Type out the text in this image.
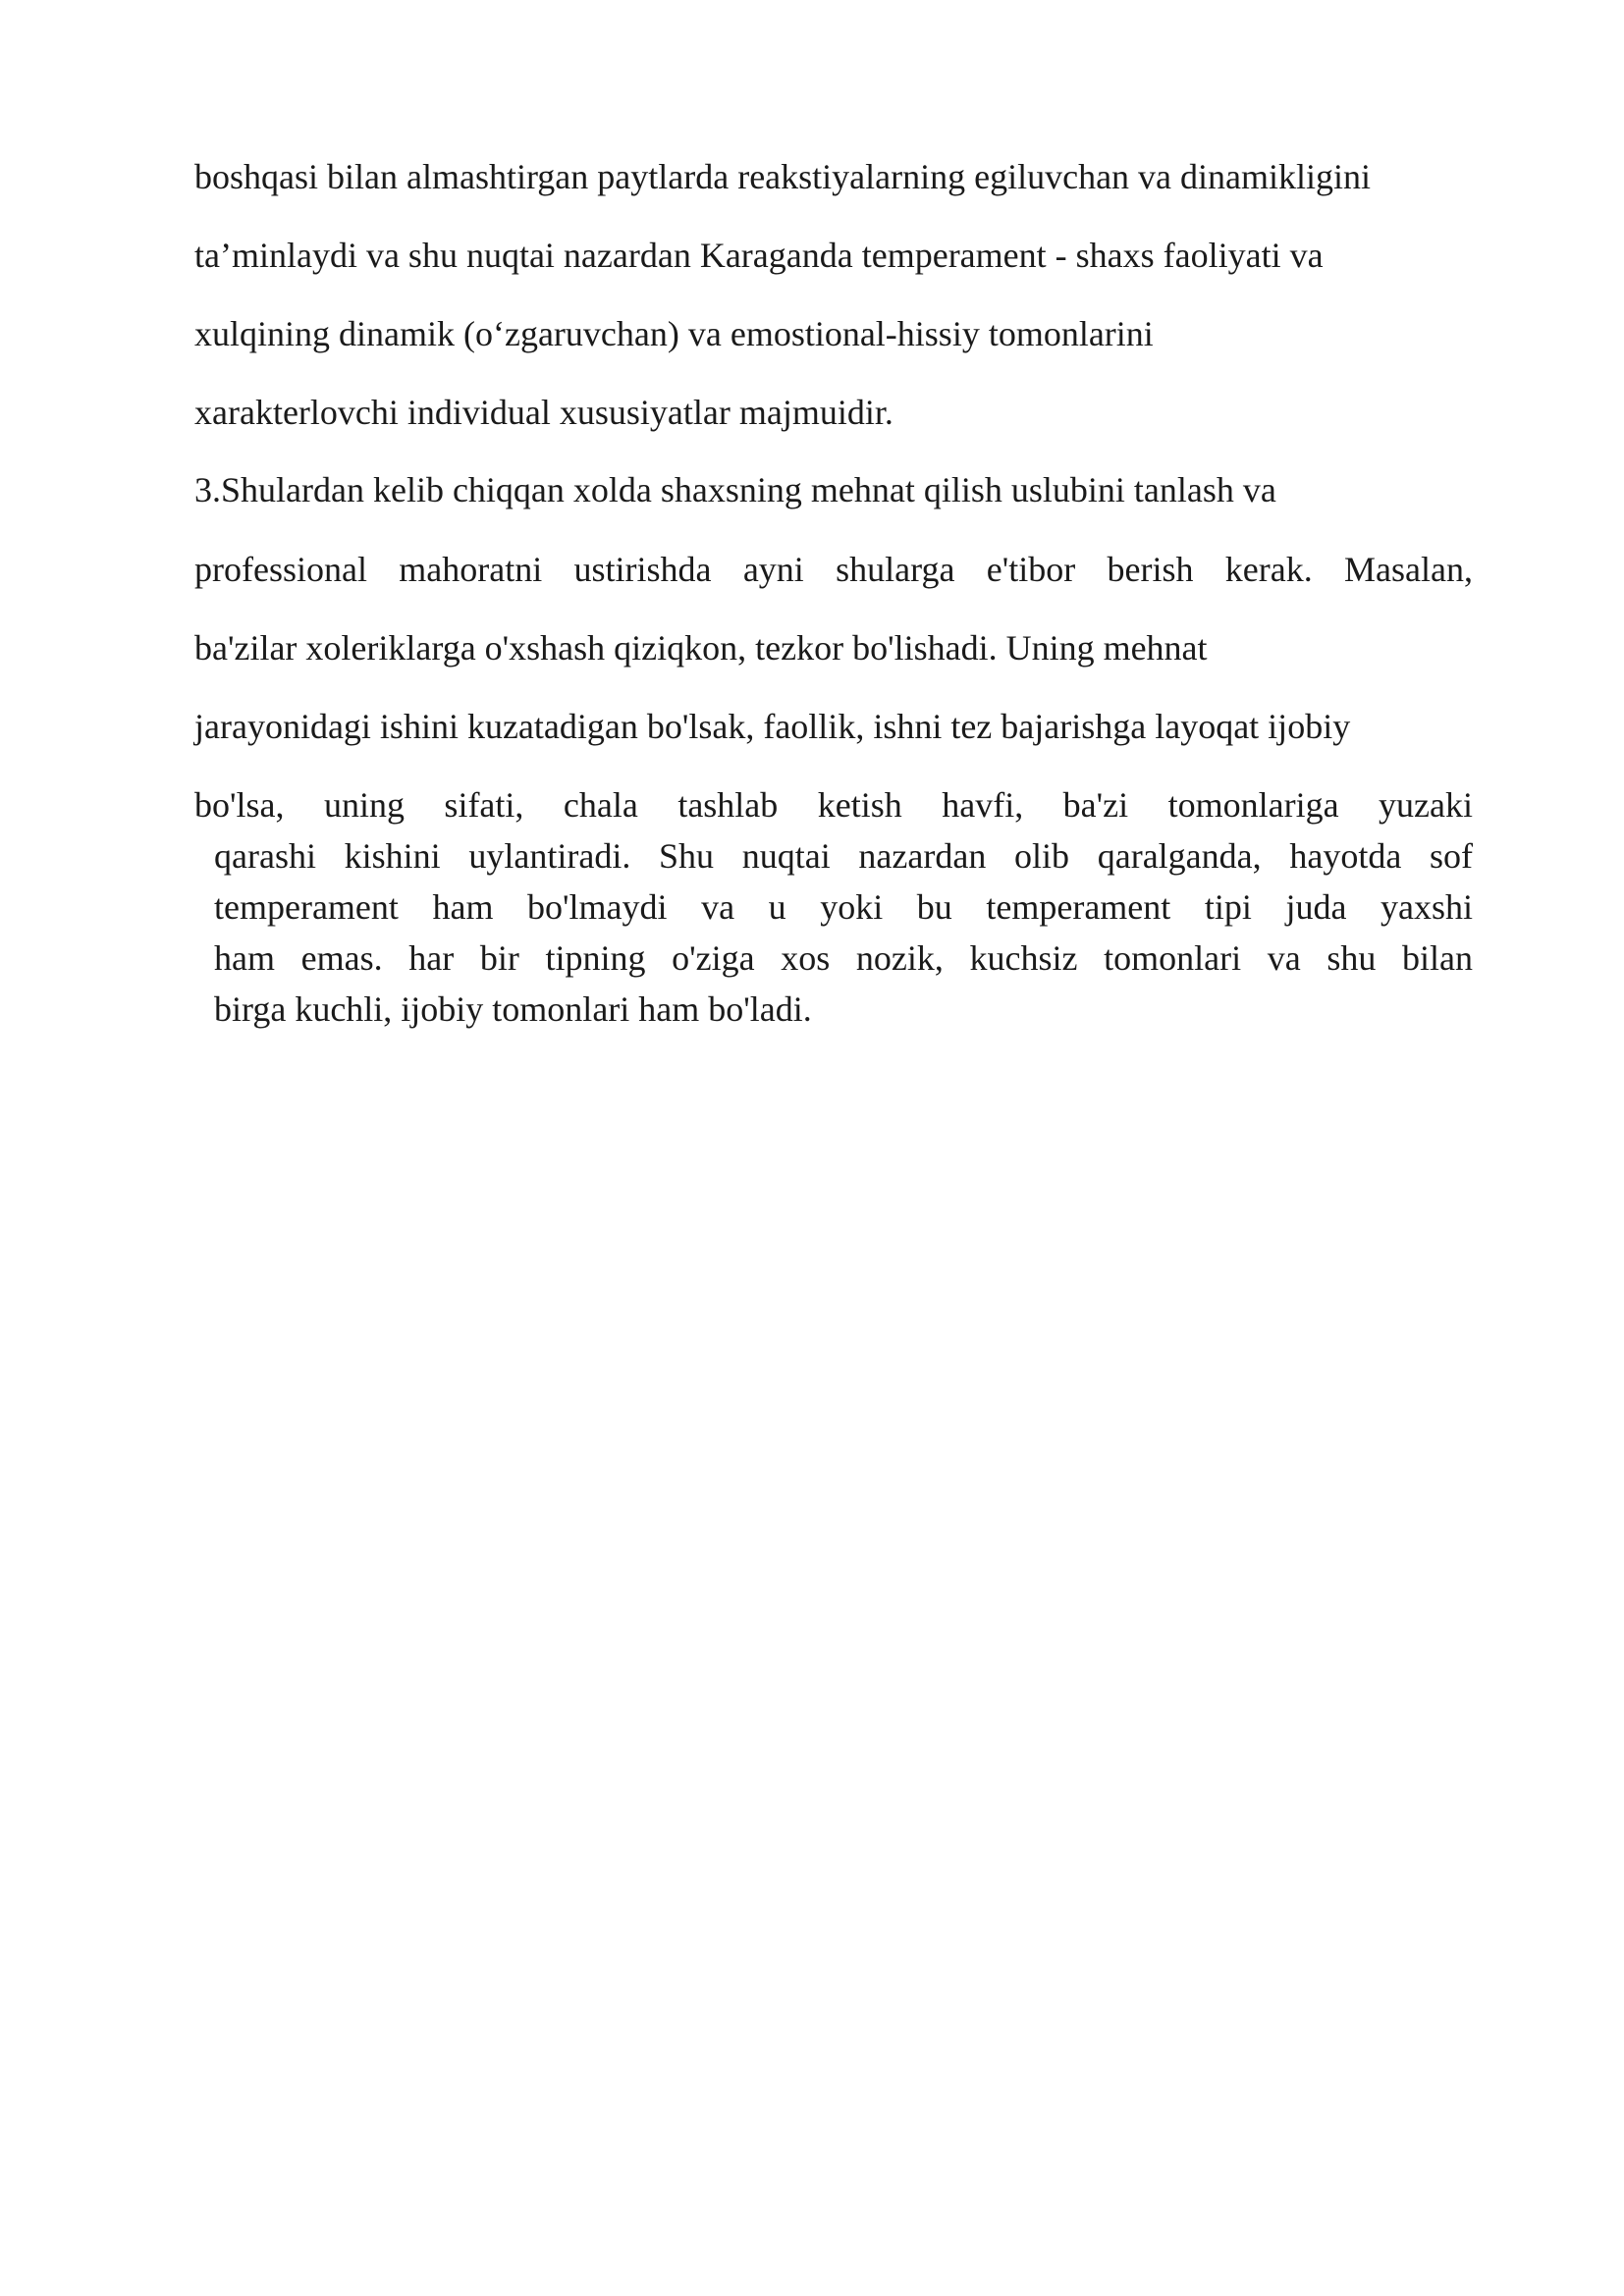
boshqasi bilan almashtirgan paytlarda reakstiyalarning egiluvchan va dinamikligini
ta’minlaydi va shu nuqtai nazardan Karaganda temperament - shaxs faoliyati va
xulqining dinamik (o‘zgaruvchan) va emostional-hissiy tomonlarini
xarakterlovchi individual xususiyatlar majmuidir.
3.Shulardan kelib chiqqan xolda shaxsning mehnat qilish uslubini tanlash va
professional mahoratni ustirishda ayni shularga e'tibor berish kerak. Masalan,
ba'zilar xoleriklarga o'xshash qiziqkon, tezkor bo'lishadi. Uning mehnat
jarayonidagi ishini kuzatadigan bo'lsak, faollik, ishni tez bajarishga layoqat ijobiy
bo'lsa, uning sifati, chala tashlab ketish havfi, ba'zi tomonlariga yuzaki
qarashi kishini uylantiradi. Shu nuqtai nazardan olib qaralganda, hayotda sof
temperament ham bo'lmaydi va u yoki bu temperament tipi juda yaxshi
ham emas. har bir tipning o'ziga xos nozik, kuchsiz tomonlari va shu bilan
birga kuchli, ijobiy tomonlari ham bo'ladi.
